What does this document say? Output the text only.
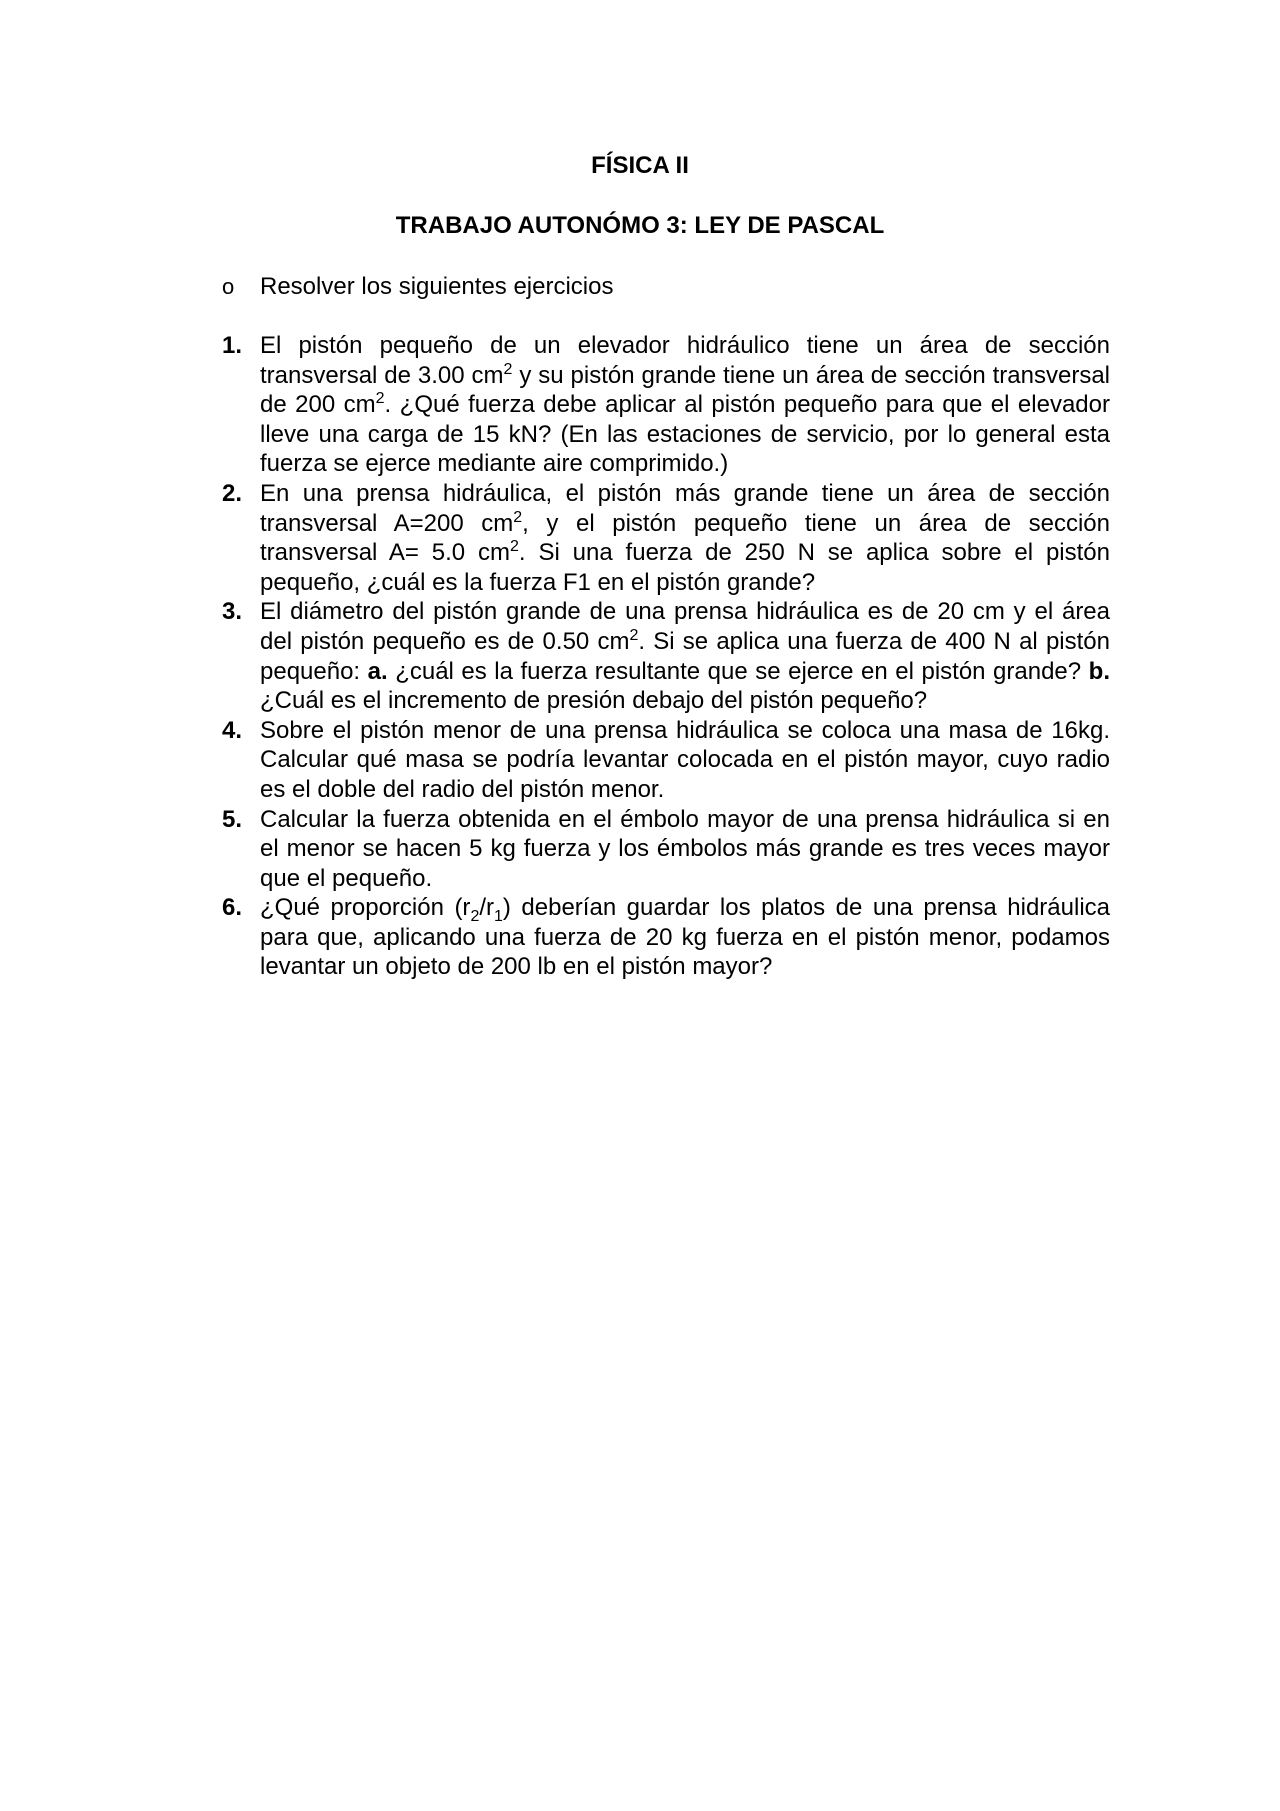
FÍSICA II
TRABAJO AUTONÓMO 3: LEY DE PASCAL
o Resolver los siguientes ejercicios
1. El pistón pequeño de un elevador hidráulico tiene un área de sección transversal de 3.00 $cm^2$ y su pistón grande tiene un área de sección transversal de 200 $cm^2$. ¿Qué fuerza debe aplicar al pistón pequeño para que el elevador lleve una carga de 15 kN? (En las estaciones de servicio, por lo general esta fuerza se ejerce mediante aire comprimido.)
2. En una prensa hidráulica, el pistón más grande tiene un área de sección transversal A=200 $cm^2$, y el pistón pequeño tiene un área de sección transversal A= 5.0 $cm^2$. Si una fuerza de 250 N se aplica sobre el pistón pequeño, ¿cuál es la fuerza F1 en el pistón grande?
3. El diámetro del pistón grande de una prensa hidráulica es de 20 cm y el área del pistón pequeño es de 0.50 $cm^2$. Si se aplica una fuerza de 400 N al pistón pequeño: a. ¿cuál es la fuerza resultante que se ejerce en el pistón grande? b. ¿Cuál es el incremento de presión debajo del pistón pequeño?
4. Sobre el pistón menor de una prensa hidráulica se coloca una masa de 16kg. Calcular qué masa se podría levantar colocada en el pistón mayor, cuyo radio es el doble del radio del pistón menor.
5. Calcular la fuerza obtenida en el émbolo mayor de una prensa hidráulica si en el menor se hacen 5 kg fuerza y los émbolos más grande es tres veces mayor que el pequeño.
6. ¿Qué proporción $(r_2/r_1)$ deberían guardar los platos de una prensa hidráulica para que, aplicando una fuerza de 20 kg fuerza en el pistón menor, podamos levantar un objeto de 200 lb en el pistón mayor?
